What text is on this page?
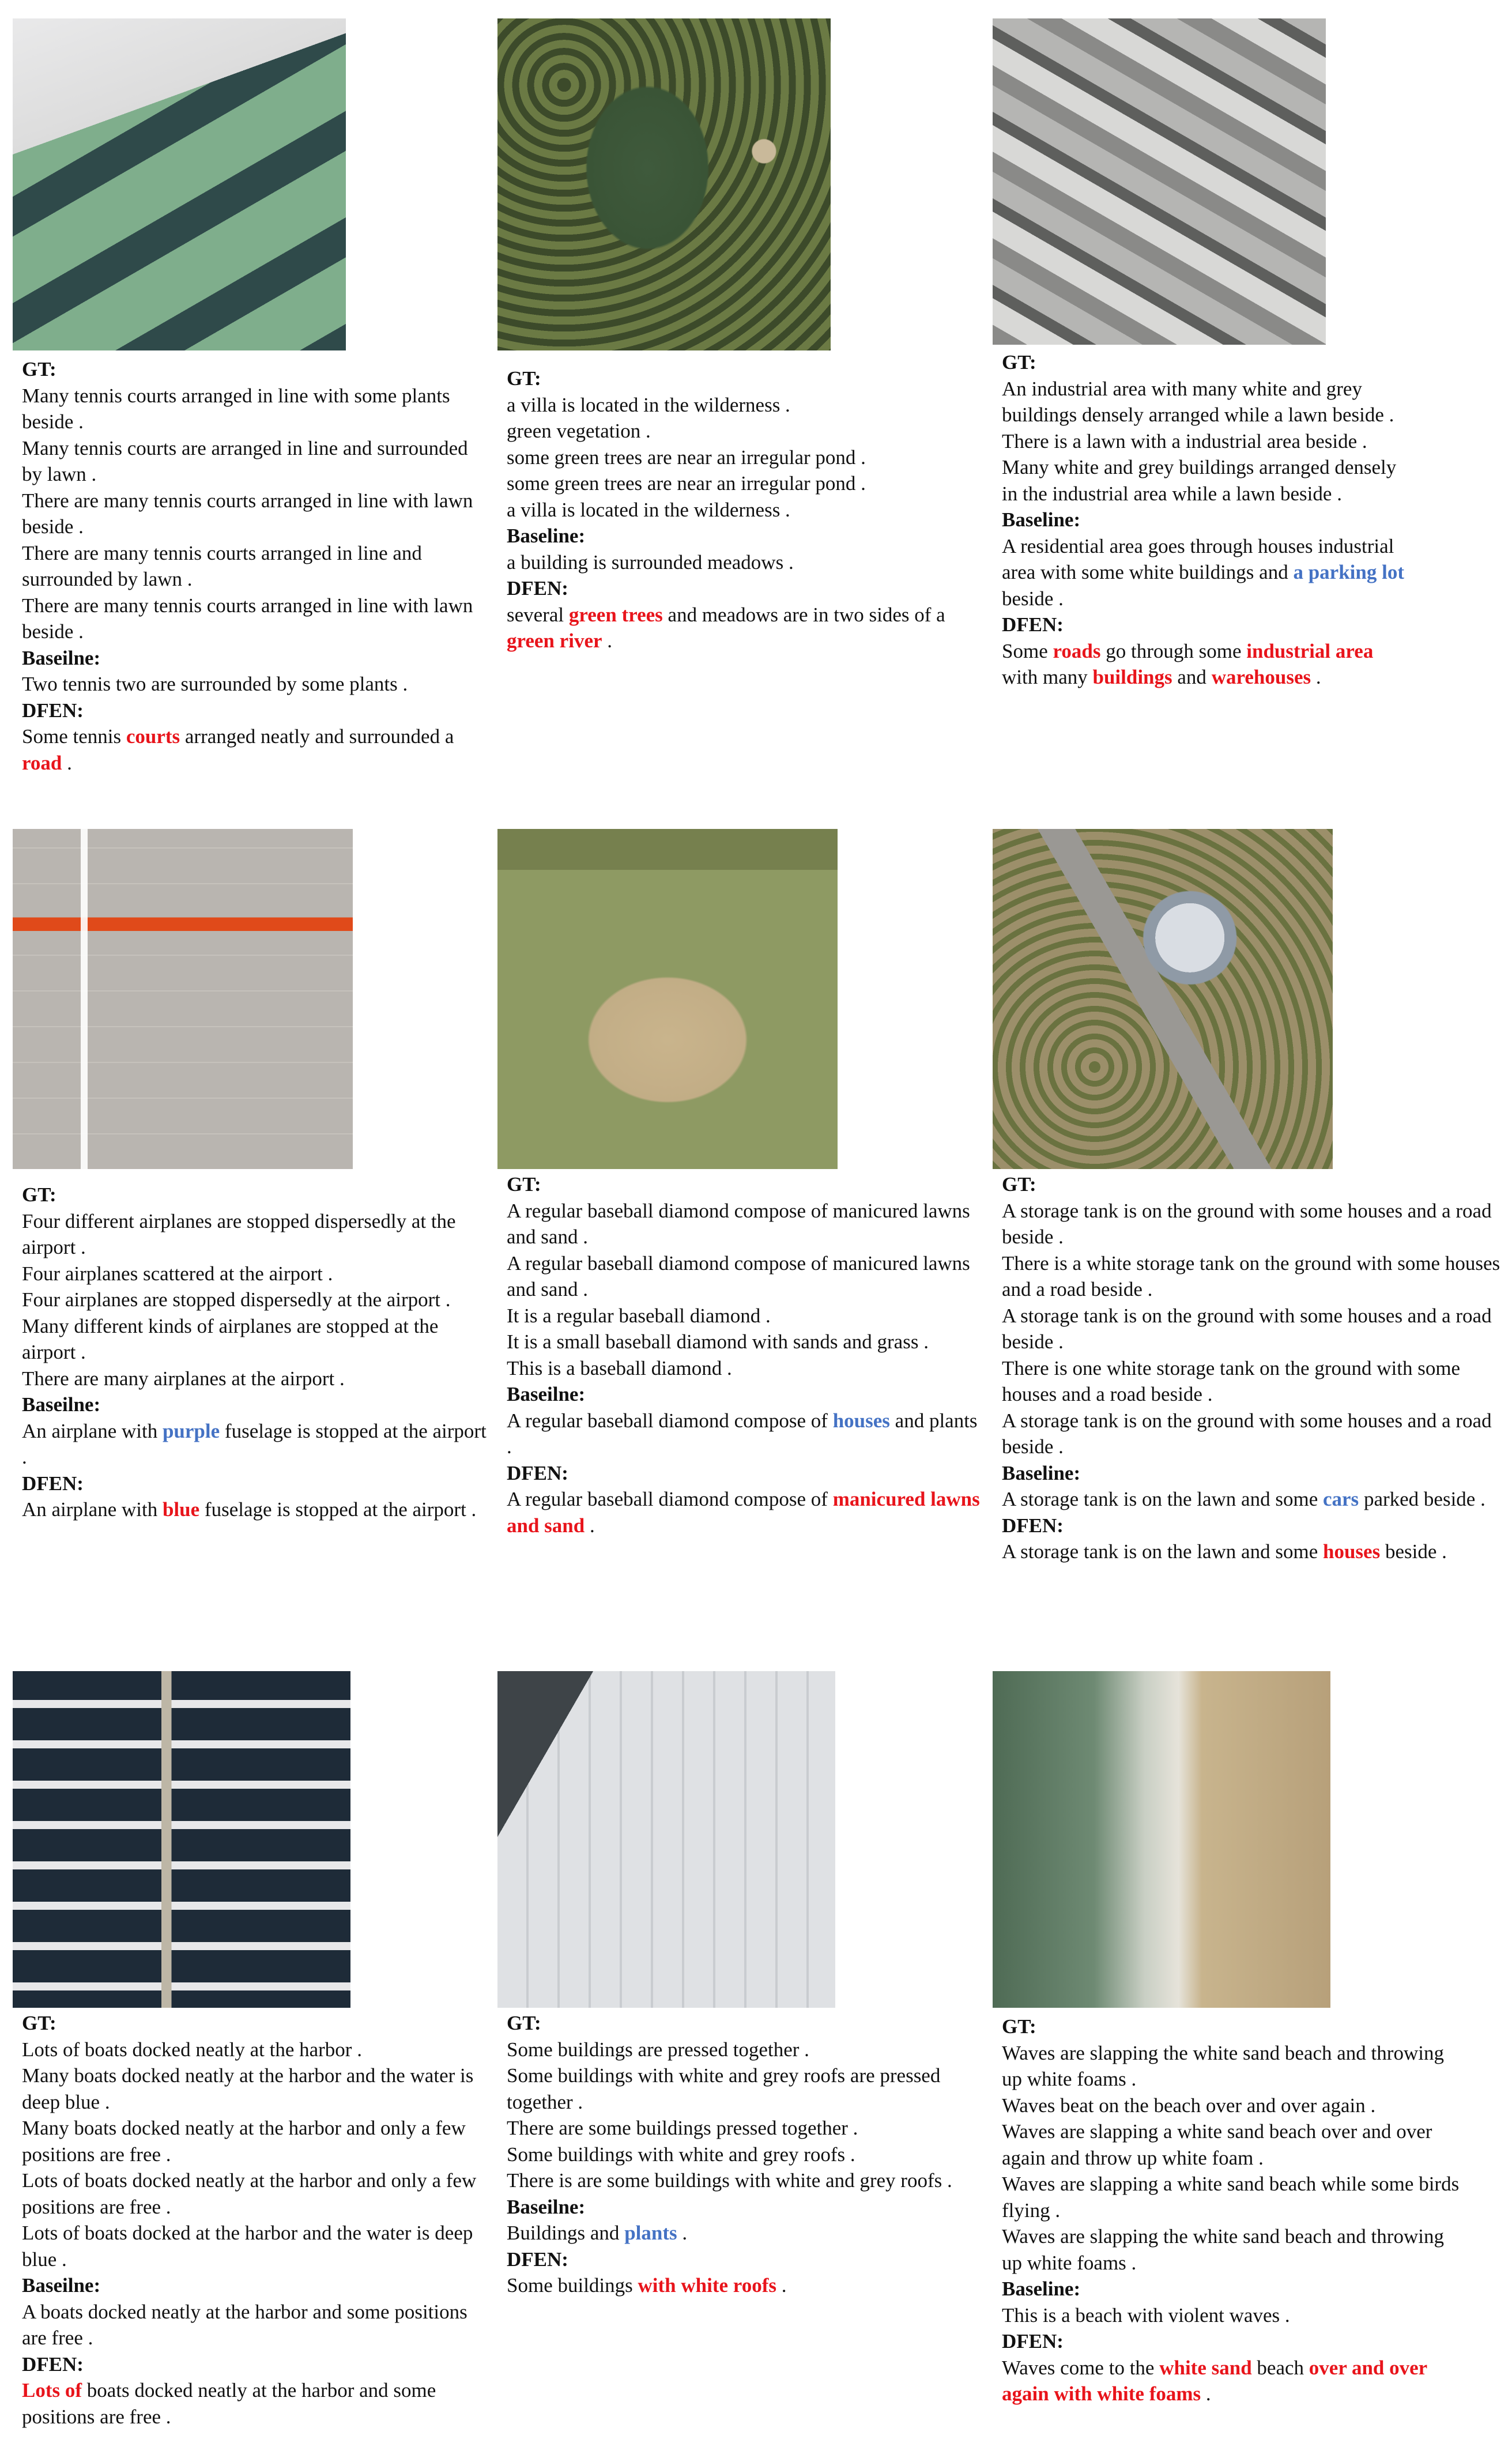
GT:
Many tennis courts arranged in line with some plants beside .
Many tennis courts are arranged in line and surrounded by lawn .
There are many tennis courts arranged in line with lawn beside .
There are many tennis courts arranged in line and surrounded by lawn .
There are many tennis courts arranged in line with lawn beside .
Baseilne:
Two tennis two are surrounded by some plants .
DFEN:
Some tennis courts arranged neatly and surrounded a road .
GT:
a villa is located in the wilderness .
green vegetation .
some green trees are near an irregular pond .
some green trees are near an irregular pond .
a villa is located in the wilderness .
Baseline:
a building is surrounded meadows .
DFEN:
several green trees and meadows are in two sides of a green river .
GT:
An industrial area with many white and grey buildings densely arranged while a lawn beside .
There is a lawn with a industrial area beside .
Many white and grey buildings arranged densely in the industrial area while a lawn beside .
Baseline:
A residential area goes through houses industrial area with some white buildings and a parking lot beside .
DFEN:
Some roads go through some industrial area with many buildings and warehouses .
GT:
Four different airplanes are stopped dispersedly at the airport .
Four airplanes scattered at the airport .
Four airplanes are stopped dispersedly at the airport .
Many different kinds of airplanes are stopped at the airport .
There are many airplanes at the airport .
Baseilne:
An airplane with purple fuselage is stopped at the airport .
DFEN:
An airplane with blue fuselage is stopped at the airport .
GT:
A regular baseball diamond compose of manicured lawns and sand .
A regular baseball diamond compose of manicured lawns and sand .
It is a regular baseball diamond .
It is a small baseball diamond with sands and grass .
This is a baseball diamond .
Baseilne:
A regular baseball diamond compose of houses and plants .
DFEN:
A regular baseball diamond compose of manicured lawns and sand .
GT:
A storage tank is on the ground with some houses and a road beside .
There is a white storage tank on the ground with some houses and a road beside .
A storage tank is on the ground with some houses and a road beside .
There is one white storage tank on the ground with some houses and a road beside .
A storage tank is on the ground with some houses and a road beside .
Baseline:
A storage tank is on the lawn and some cars parked beside .
DFEN:
A storage tank is on the lawn and some houses beside .
GT:
Lots of boats docked neatly at the harbor .
Many boats docked neatly at the harbor and the water is deep blue .
Many boats docked neatly at the harbor and only a few positions are free .
Lots of boats docked neatly at the harbor and only a few positions are free .
Lots of boats docked at the harbor and the water is deep blue .
Baseilne:
A boats docked neatly at the harbor and some positions are free .
DFEN:
Lots of boats docked neatly at the harbor and some positions are free .
GT:
Some buildings are pressed together .
Some buildings with white and grey roofs are pressed together .
There are some buildings pressed together .
Some buildings with white and grey roofs .
There is are some buildings with white and grey roofs .
Baseilne:
Buildings and plants .
DFEN:
Some buildings with white roofs .
GT:
Waves are slapping the white sand beach and throwing up white foams .
Waves beat on the beach over and over again .
Waves are slapping a white sand beach over and over again and throw up white foam .
Waves are slapping a white sand beach while some birds flying .
Waves are slapping the white sand beach and throwing up white foams .
Baseline:
This is a beach with violent waves .
DFEN:
Waves come to the white sand beach over and over again with white foams .
